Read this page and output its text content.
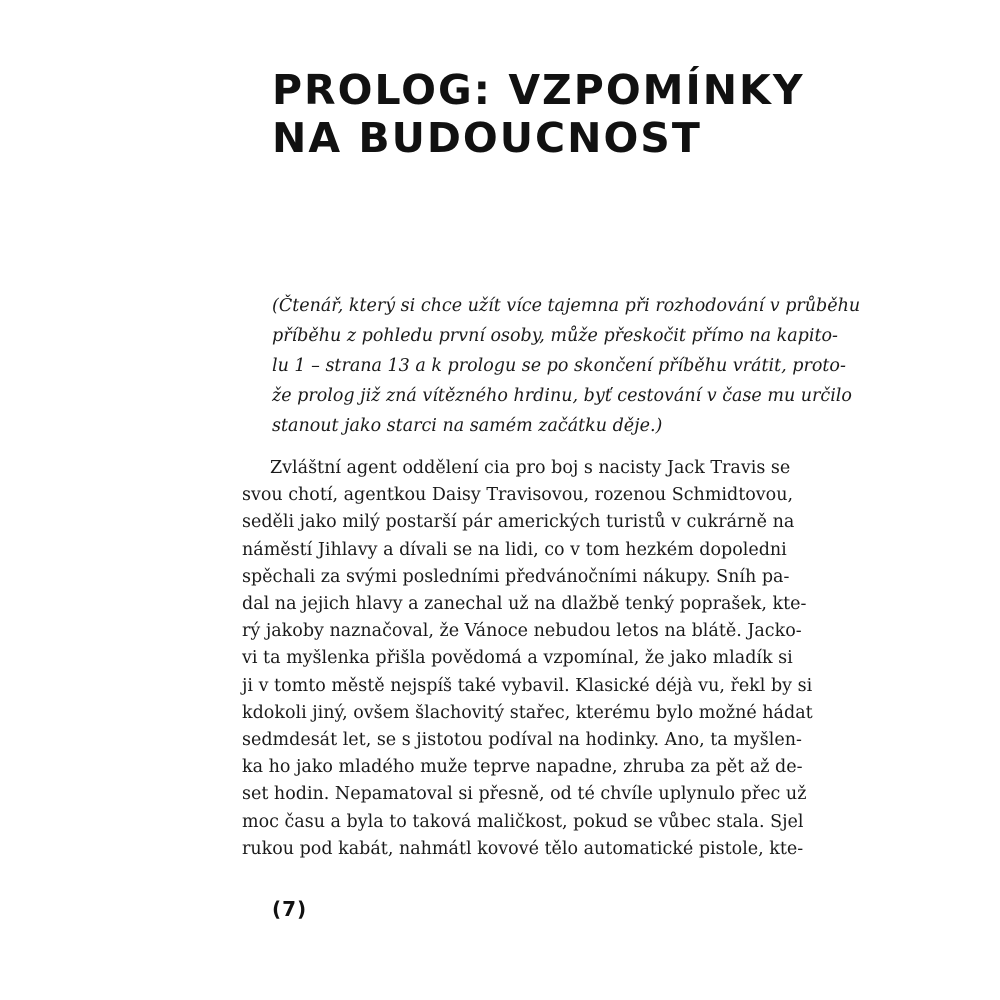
PROLOG: VZPOMÍNKY
NA BUDOUCNOST

(Čtenář, který si chce užít více tajemna při rozhodování v průběhu
příběhu z pohledu první osoby, může přeskočit přímo na kapito-
lu 1 – strana 13 a k prologu se po skončení příběhu vrátit, proto-
že prolog již zná vítězného hrdinu, byť cestování v čase mu určilo
stanout jako starci na samém začátku děje.)

Zvláštní agent oddělení cia pro boj s nacisty Jack Travis se
svou chotí, agentkou Daisy Travisovou, rozenou Schmidtovou,
seděli jako milý postarší pár amerických turistů v cukrárně na
náměstí Jihlavy a dívali se na lidi, co v tom hezkém dopoledni
spěchali za svými posledními předvánočními nákupy. Sníh pa-
dal na jejich hlavy a zanechal už na dlažbě tenký poprašek, kte-
rý jakoby naznačoval, že Vánoce nebudou letos na blátě. Jacko-
vi ta myšlenka přišla povědomá a vzpomínal, že jako mladík si
ji v tomto městě nejspíš také vybavil. Klasické déjà vu, řekl by si
kdokoli jiný, ovšem šlachovitý stařec, kterému bylo možné hádat
sedmdesát let, se s jistotou podíval na hodinky. Ano, ta myšlen-
ka ho jako mladého muže teprve napadne, zhruba za pět až de-
set hodin. Nepamatoval si přesně, od té chvíle uplynulo přec už
moc času a byla to taková maličkost, pokud se vůbec stala. Sjel
rukou pod kabát, nahmátl kovové tělo automatické pistole, kte-

(7)
